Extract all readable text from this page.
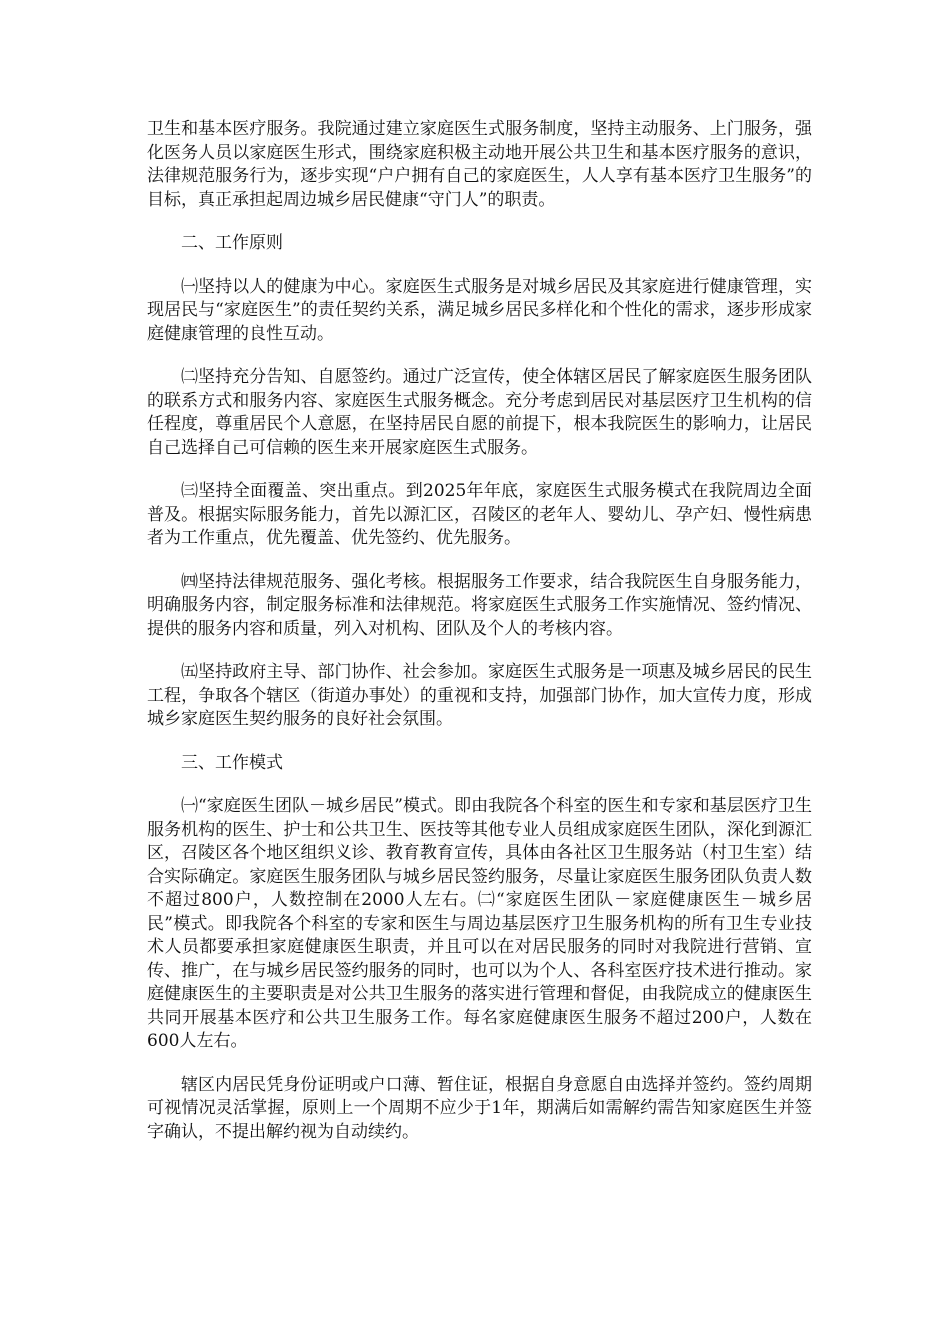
卫生和基本医疗服务。我院通过建立家庭医生式服务制度，坚持主动服务、上门服务，强化医务人员以家庭医生形式，围绕家庭积极主动地开展公共卫生和基本医疗服务的意识，法律规范服务行为，逐步实现“户户拥有自己的家庭医生，人人享有基本医疗卫生服务”的目标，真正承担起周边城乡居民健康“守门人”的职责。

二、工作原则

㈠坚持以人的健康为中心。家庭医生式服务是对城乡居民及其家庭进行健康管理，实现居民与“家庭医生”的责任契约关系，满足城乡居民多样化和个性化的需求，逐步形成家庭健康管理的良性互动。

㈡坚持充分告知、自愿签约。通过广泛宣传，使全体辖区居民了解家庭医生服务团队的联系方式和服务内容、家庭医生式服务概念。充分考虑到居民对基层医疗卫生机构的信任程度，尊重居民个人意愿，在坚持居民自愿的前提下，根本我院医生的影响力，让居民自己选择自己可信赖的医生来开展家庭医生式服务。

㈢坚持全面覆盖、突出重点。到2025年年底，家庭医生式服务模式在我院周边全面普及。根据实际服务能力，首先以源汇区，召陵区的老年人、婴幼儿、孕产妇、慢性病患者为工作重点，优先覆盖、优先签约、优先服务。

㈣坚持法律规范服务、强化考核。根据服务工作要求，结合我院医生自身服务能力，明确服务内容，制定服务标准和法律规范。将家庭医生式服务工作实施情况、签约情况、提供的服务内容和质量，列入对机构、团队及个人的考核内容。

㈤坚持政府主导、部门协作、社会参加。家庭医生式服务是一项惠及城乡居民的民生工程，争取各个辖区（街道办事处）的重视和支持，加强部门协作，加大宣传力度，形成城乡家庭医生契约服务的良好社会氛围。

三、工作模式

㈠“家庭医生团队－城乡居民”模式。即由我院各个科室的医生和专家和基层医疗卫生服务机构的医生、护士和公共卫生、医技等其他专业人员组成家庭医生团队，深化到源汇区，召陵区各个地区组织义诊、教育教育宣传，具体由各社区卫生服务站（村卫生室）结合实际确定。家庭医生服务团队与城乡居民签约服务，尽量让家庭医生服务团队负责人数不超过800户，人数控制在2000人左右。㈡“家庭医生团队－家庭健康医生－城乡居民”模式。即我院各个科室的专家和医生与周边基层医疗卫生服务机构的所有卫生专业技术人员都要承担家庭健康医生职责，并且可以在对居民服务的同时对我院进行营销、宣传、推广，在与城乡居民签约服务的同时，也可以为个人、各科室医疗技术进行推动。家庭健康医生的主要职责是对公共卫生服务的落实进行管理和督促，由我院成立的健康医生共同开展基本医疗和公共卫生服务工作。每名家庭健康医生服务不超过200户，人数在600人左右。

辖区内居民凭身份证明或户口薄、暂住证，根据自身意愿自由选择并签约。签约周期可视情况灵活掌握，原则上一个周期不应少于1年，期满后如需解约需告知家庭医生并签字确认，不提出解约视为自动续约。
